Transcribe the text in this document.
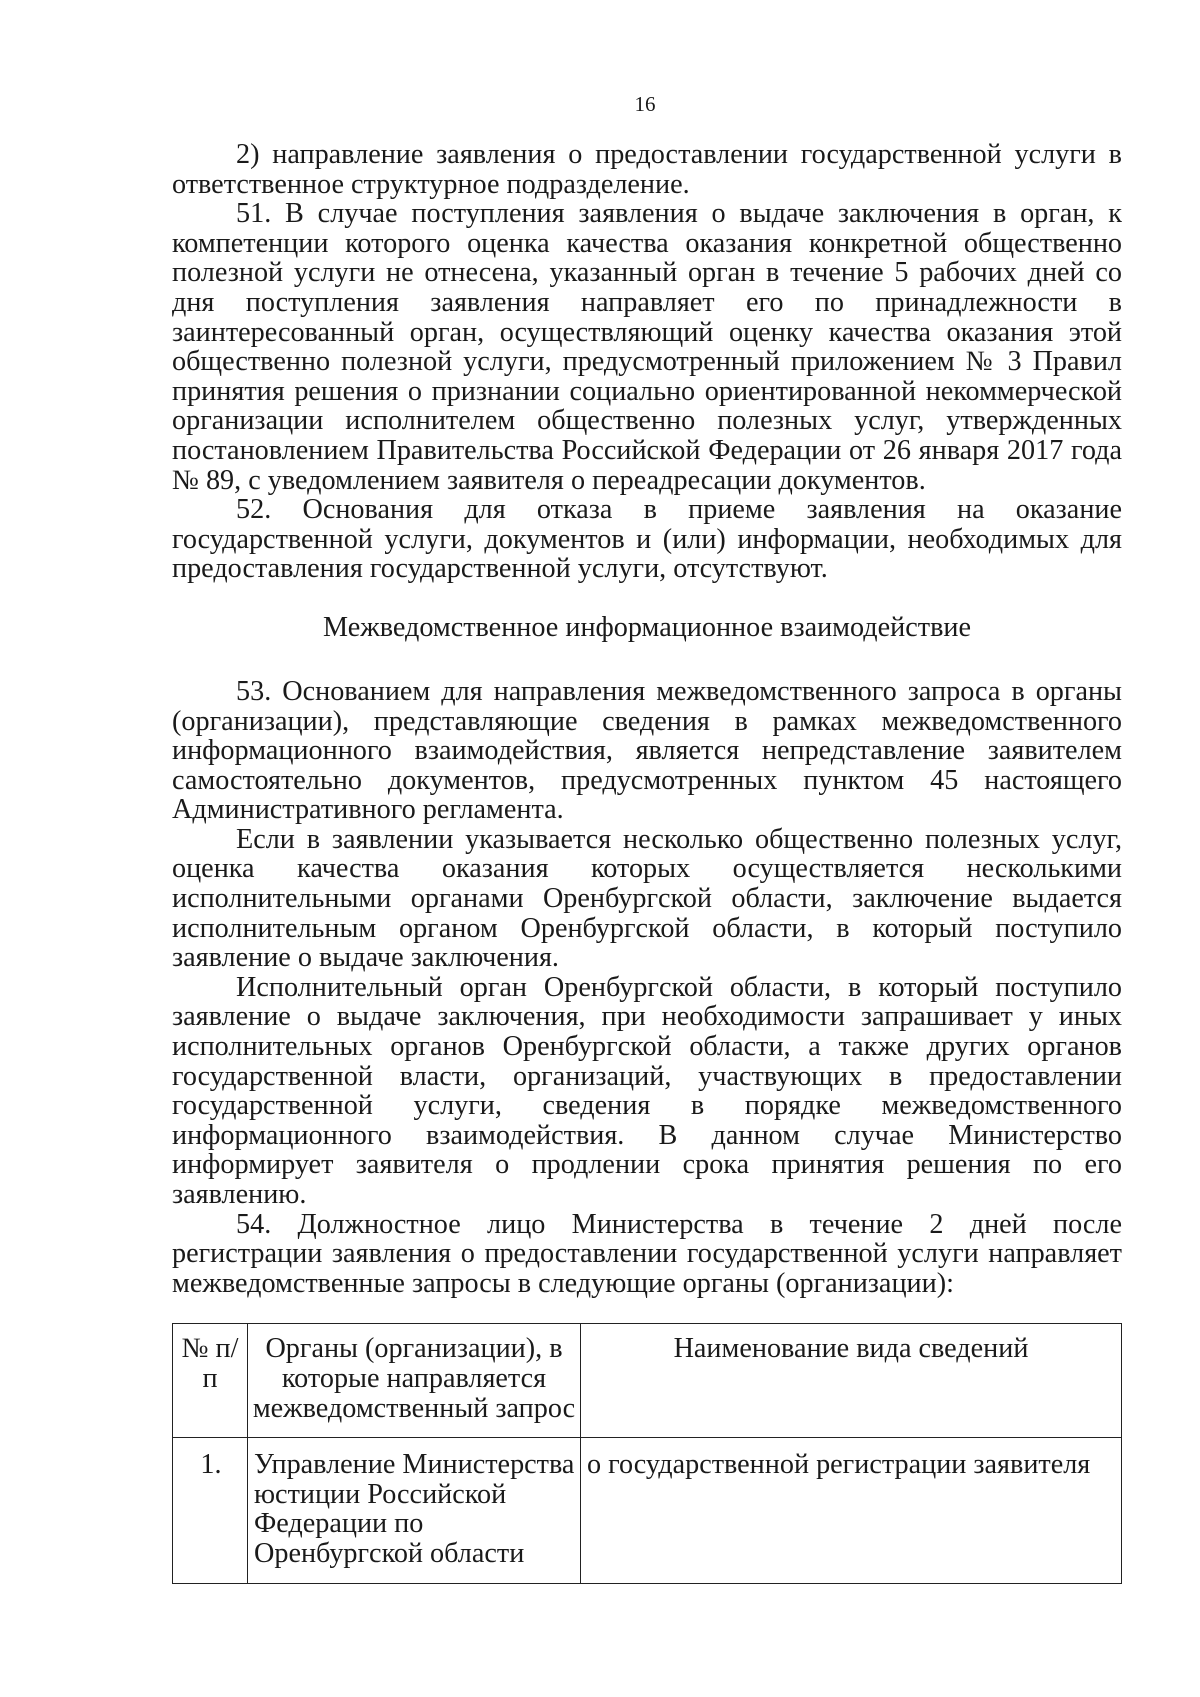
16

2) направление заявления о предоставлении государственной услуги в ответственное структурное подразделение.

51. В случае поступления заявления о выдаче заключения в орган, к компетенции которого оценка качества оказания конкретной общественно полезной услуги не отнесена, указанный орган в течение 5 рабочих дней со дня поступления заявления направляет его по принадлежности в заинтересованный орган, осуществляющий оценку качества оказания этой общественно полезной услуги, предусмотренный приложением № 3 Правил принятия решения о признании социально ориентированной некоммерческой организации исполнителем общественно полезных услуг, утвержденных постановлением Правительства Российской Федерации от 26 января 2017 года № 89, с уведомлением заявителя о переадресации документов.

52. Основания для отказа в приеме заявления на оказание государственной услуги, документов и (или) информации, необходимых для предоставления государственной услуги, отсутствуют.

Межведомственное информационное взаимодействие

53. Основанием для направления межведомственного запроса в органы (организации), представляющие сведения в рамках межведомственного информационного взаимодействия, является непредставление заявителем самостоятельно документов, предусмотренных пунктом 45 настоящего Административного регламента.

Если в заявлении указывается несколько общественно полезных услуг, оценка качества оказания которых осуществляется несколькими исполнительными органами Оренбургской области, заключение выдается исполнительным органом Оренбургской области, в который поступило заявление о выдаче заключения.

Исполнительный орган Оренбургской области, в который поступило заявление о выдаче заключения, при необходимости запрашивает у иных исполнительных органов Оренбургской области, а также других органов государственной власти, организаций, участвующих в предоставлении государственной услуги, сведения в порядке межведомственного информационного взаимодействия. В данном случае Министерство информирует заявителя о продлении срока принятия решения по его заявлению.

54. Должностное лицо Министерства в течение 2 дней после регистрации заявления о предоставлении государственной услуги направляет межведомственные запросы в следующие органы (организации):

№ п/п	Органы (организации), в которые направляется межведомственный запрос	Наименование вида сведений
1.	Управление Министерства юстиции Российской Федерации по Оренбургской области	о государственной регистрации заявителя
